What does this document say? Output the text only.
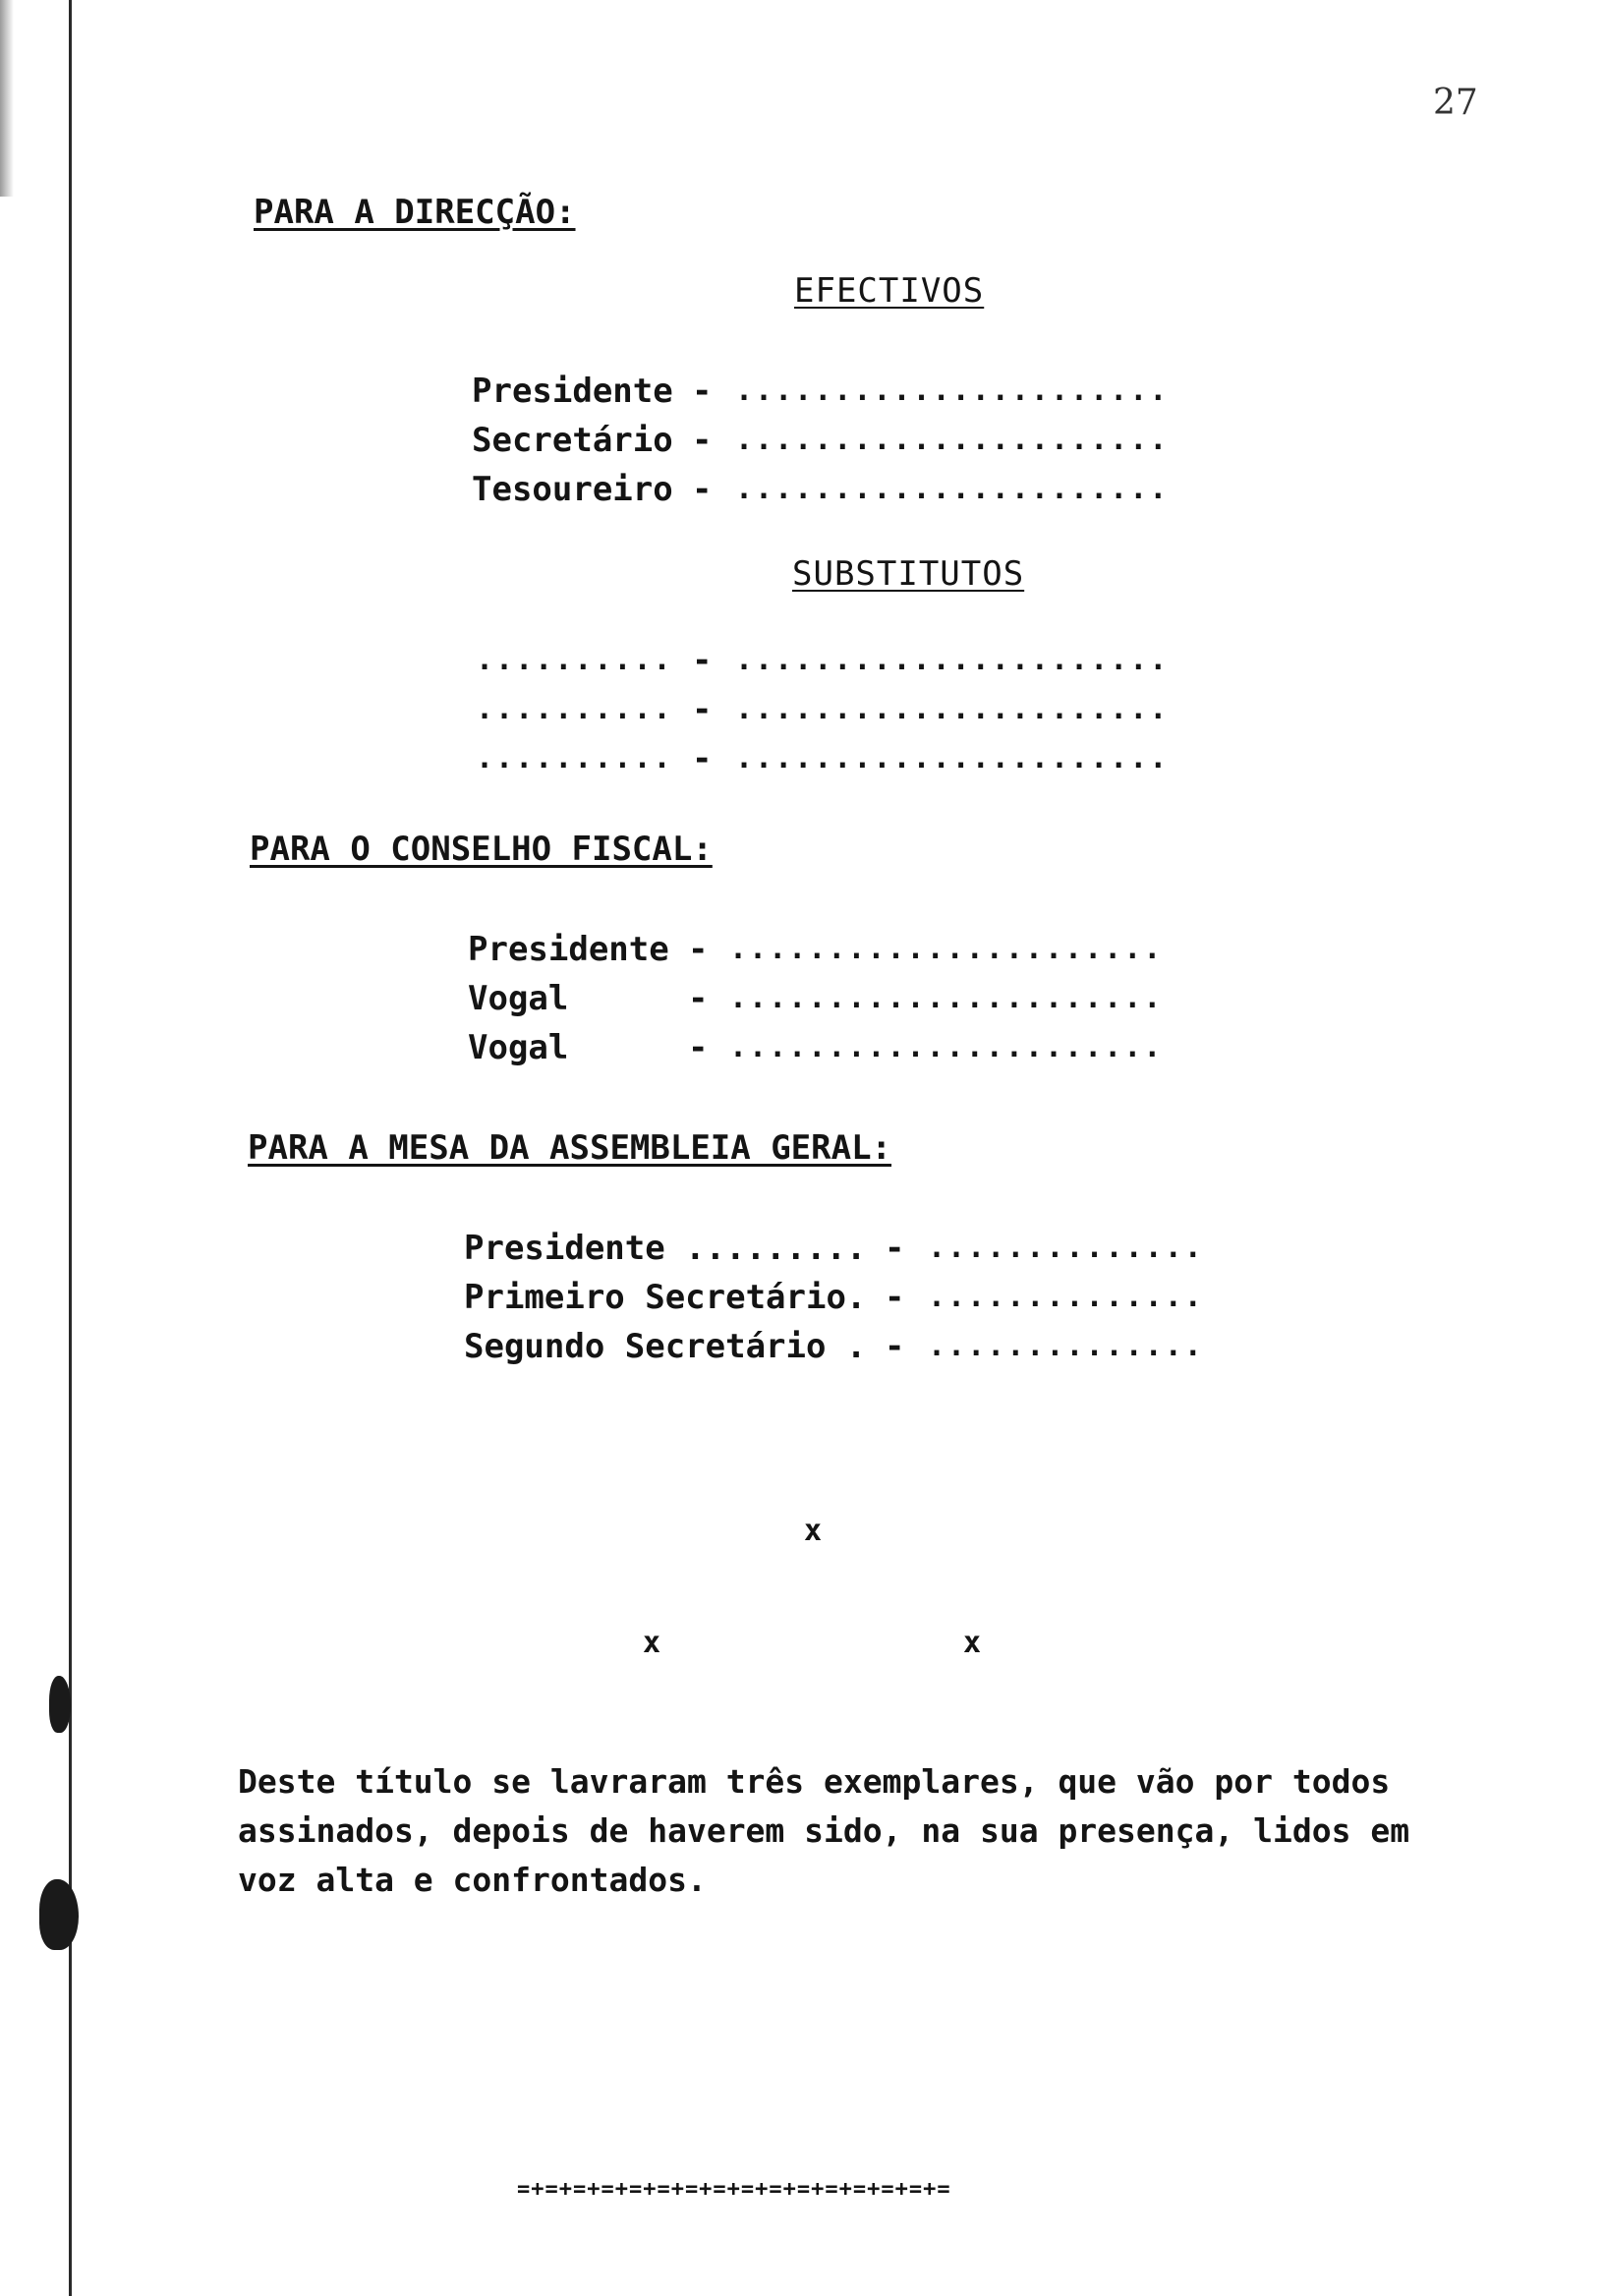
27
PARA A DIRECÇÃO:
EFECTIVOS
Presidente - ......................
Secretário - ......................
Tesoureiro - ......................
SUBSTITUTOS
.......... - ......................
.......... - ......................
.......... - ......................
PARA O CONSELHO FISCAL:
Presidente - ......................
Vogal	- ......................
Vogal	- ......................
PARA A MESA DA ASSEMBLEIA GERAL:
Presidente ......... - ..............
Primeiro Secretário. - ..............
Segundo Secretário . - ..............
x
x	x
Deste título se lavraram três exemplares, que vão por todos
assinados, depois de haverem sido, na sua presença, lidos em
voz alta e confrontados.
=+=+=+=+=+=+=+=+=+=+=+=+=+=+=+=
